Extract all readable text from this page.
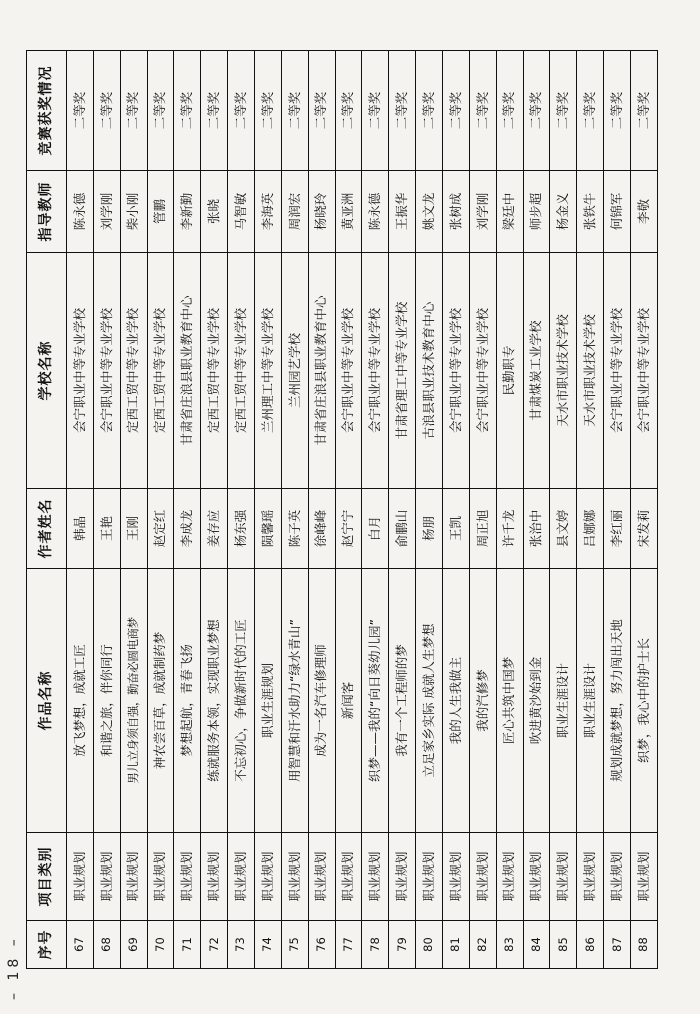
序号	项目类别	作品名称	作者姓名	学校名称	指导教师	竞赛获奖情况
67	职业规划	放飞梦想，成就工匠	韩晶	会宁职业中等专业学校	陈永德	二等奖
68	职业规划	和谐之旅，伴你同行	王艳	会宁职业中等专业学校	刘学刚	二等奖
69	职业规划	男儿立身须自强，勤奋必圆电商梦	王刚	定西工贸中等专业学校	柴小刚	二等奖
70	职业规划	神农尝百草，成就制药梦	赵定红	定西工贸中等专业学校	管鹏	二等奖
71	职业规划	梦想起航，青春飞扬	李成龙	甘肃省庄浪县职业教育中心	李新勤	二等奖
72	职业规划	练就服务本领，实现职业梦想	姜存应	定西工贸中等专业学校	张晓	二等奖
73	职业规划	不忘初心，争做新时代的工匠	杨东强	定西工贸中等专业学校	马智敏	二等奖
74	职业规划	职业生涯规划	陨馨瑶	兰州理工中等专业学校	李海英	二等奖
75	职业规划	用智慧和汗水助力“绿水青山”	陈子英	兰州园艺学校	周润宏	二等奖
76	职业规划	成为一名汽车修理师	徐峰峰	甘肃省庄浪县职业教育中心	杨晓玲	二等奖
77	职业规划	新闻客	赵宁宁	会宁职业中等专业学校	黄亚洲	二等奖
78	职业规划	织梦——我的“向日葵幼儿园”	白月	会宁职业中等专业学校	陈永德	二等奖
79	职业规划	我有一个工程师的梦	俞鹏山	甘肃省理工中等专业学校	王振华	二等奖
80	职业规划	立足家乡实际 成就人生梦想	杨朋	古浪县职业技术教育中心	姚文龙	二等奖
81	职业规划	我的人生我做主	王凯	会宁职业中等专业学校	张树成	二等奖
82	职业规划	我的汽修梦	周正旭	会宁职业中等专业学校	刘学刚	二等奖
83	职业规划	匠心共筑中国梦	许千龙	民勤职专	梁廷中	二等奖
84	职业规划	吹进黄沙始到金	张治中	甘肃煤炭工业学校	师步超	二等奖
85	职业规划	职业生涯设计	县文婷	天水市职业技术学校	杨金义	二等奖
86	职业规划	职业生涯设计	吕娜娜	天水市职业技术学校	张铁牛	二等奖
87	职业规划	规划成就梦想，努力闯出天地	李红丽	会宁职业中等专业学校	何锦军	二等奖
88	职业规划	织梦，我心中的护士长	宋发莉	会宁职业中等专业学校	李敬	二等奖
– 18 –
